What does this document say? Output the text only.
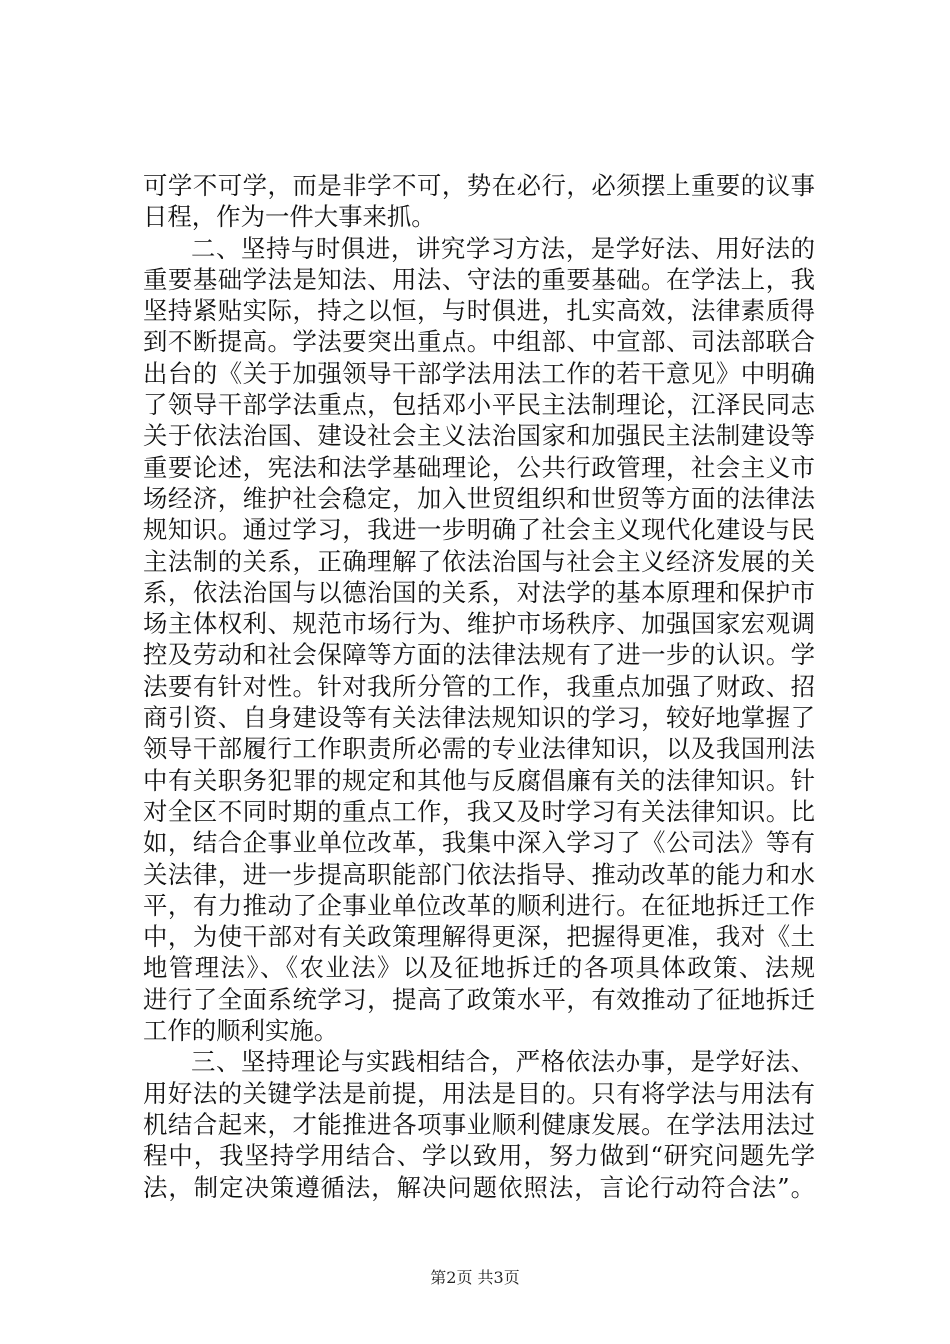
可学不可学，而是非学不可，势在必行，必须摆上重要的议事
日程，作为一件大事来抓。
二、坚持与时俱进，讲究学习方法，是学好法、用好法的
重要基础学法是知法、用法、守法的重要基础。在学法上，我
坚持紧贴实际，持之以恒，与时俱进，扎实高效，法律素质得
到不断提高。学法要突出重点。中组部、中宣部、司法部联合
出台的《关于加强领导干部学法用法工作的若干意见》中明确
了领导干部学法重点，包括邓小平民主法制理论，江泽民同志
关于依法治国、建设社会主义法治国家和加强民主法制建设等
重要论述，宪法和法学基础理论，公共行政管理，社会主义市
场经济，维护社会稳定，加入世贸组织和世贸等方面的法律法
规知识。通过学习，我进一步明确了社会主义现代化建设与民
主法制的关系，正确理解了依法治国与社会主义经济发展的关
系，依法治国与以德治国的关系，对法学的基本原理和保护市
场主体权利、规范市场行为、维护市场秩序、加强国家宏观调
控及劳动和社会保障等方面的法律法规有了进一步的认识。学
法要有针对性。针对我所分管的工作，我重点加强了财政、招
商引资、自身建设等有关法律法规知识的学习，较好地掌握了
领导干部履行工作职责所必需的专业法律知识，以及我国刑法
中有关职务犯罪的规定和其他与反腐倡廉有关的法律知识。针
对全区不同时期的重点工作，我又及时学习有关法律知识。比
如，结合企事业单位改革，我集中深入学习了《公司法》等有
关法律，进一步提高职能部门依法指导、推动改革的能力和水
平，有力推动了企事业单位改革的顺利进行。在征地拆迁工作
中，为使干部对有关政策理解得更深，把握得更准，我对《土
地管理法》、《农业法》以及征地拆迁的各项具体政策、法规
进行了全面系统学习，提高了政策水平，有效推动了征地拆迁
工作的顺利实施。
三、坚持理论与实践相结合，严格依法办事，是学好法、
用好法的关键学法是前提，用法是目的。只有将学法与用法有
机结合起来，才能推进各项事业顺利健康发展。在学法用法过
程中，我坚持学用结合、学以致用，努力做到“研究问题先学
法，制定决策遵循法，解决问题依照法，言论行动符合法”。
第2页 共3页
